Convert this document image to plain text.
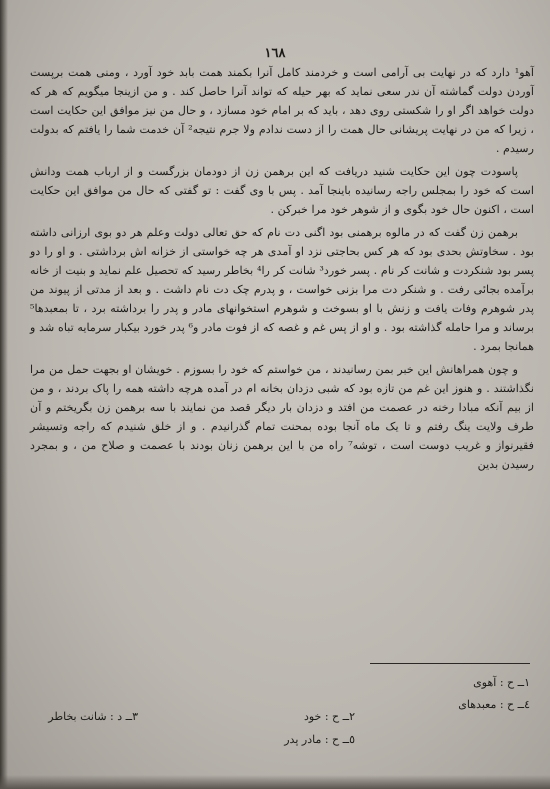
١٦٨

آهو¹ دارد که در نهایت بی آرامی است و خردمند کامل آنرا بکمند همت بابد خود آورد ، ومنی همت برپست آوردن دولت گماشته آن ندر سعی نماید که بهر حیله که تواند آنرا حاصل کند . و من ازینجا میگویم که هر که دولت خواهد اگر او را شکستی روی دهد ، باید که بر امام خود مسازد ، و حال من نیز موافق این حکایت است ، زیرا که من در نهایت پریشانی حال همت را از دست ندادم ولا جرم نتیجه² آن خدمت شما را یافتم که بدولت رسیدم .

پاسودت چون این حکایت شنید دریافت که این برهمن زن از دودمان بزرگست و از ارباب همت ودانش است که خود را بمجلس راجه رسانیده باینجا آمد . پس با وی گفت : تو گفتی که حال من موافق این حکایت است ، اکنون حال خود بگوی و از شوهر خود مرا خبرکن .

برهمن زن گفت که در مالوه برهمنی بود اگنی دت نام که حق تعالی دولت وعلم هر دو بوی ارزانی داشته بود . سخاوتش بحدی بود که هر کس بحاجتی نزد او آمدی هر چه خواستی از خزانه اش برداشتی . و او را دو پسر بود شنکردت و شانت کر نام . پسر خورد³ شانت کر را⁴ بخاطر رسید که تحصیل علم نماید و بنیت از خانه برآمده بجائی رفت . و شنکر دت مرا بزنی خواست ، و پدرم چک دت نام داشت . و بعد از مدتی از پیوند من پدر شوهرم وفات یافت و زنش با او بسوخت و شوهرم استخوانهای مادر و پدر را برداشته برد ، تا بمعبدها⁵ برساند و مرا حامله گذاشته بود . و او از پس غم و غصه که از فوت مادر و⁶ پدر خورد بیکبار سرمایه تباه شد و همانجا بمرد .

و چون همراهانش این خبر بمن رسانیدند ، من خواستم که خود را بسوزم . خویشان او بجهت حمل من مرا نگذاشتند . و هنوز این غم من تازه بود که شبی دزدان بخانه ام در آمده هرچه داشته همه را پاک بردند ، و من از بیم آنکه مبادا رخنه در عصمت من افتد و دزدان بار دیگر قصد من نمایند با سه برهمن زن بگریختم و آن طرف ولایت ینگ رفتم و تا یک ماه آنجا بوده بمحنت تمام گذرانیدم . و از خلق شنیدم که راجه وتسیشر فقیرنواز و غریب دوست است ، توشه⁷ راه من با این برهمن زنان بودند با عصمت و صلاح من ، و بمجرد رسیدن بدین

١ــ ح : آهوی
٤ــ ح : معبدهای
٢ــ ح : خود
٥ــ ح : مادر پدر
٣ــ د : شانت بخاطر
